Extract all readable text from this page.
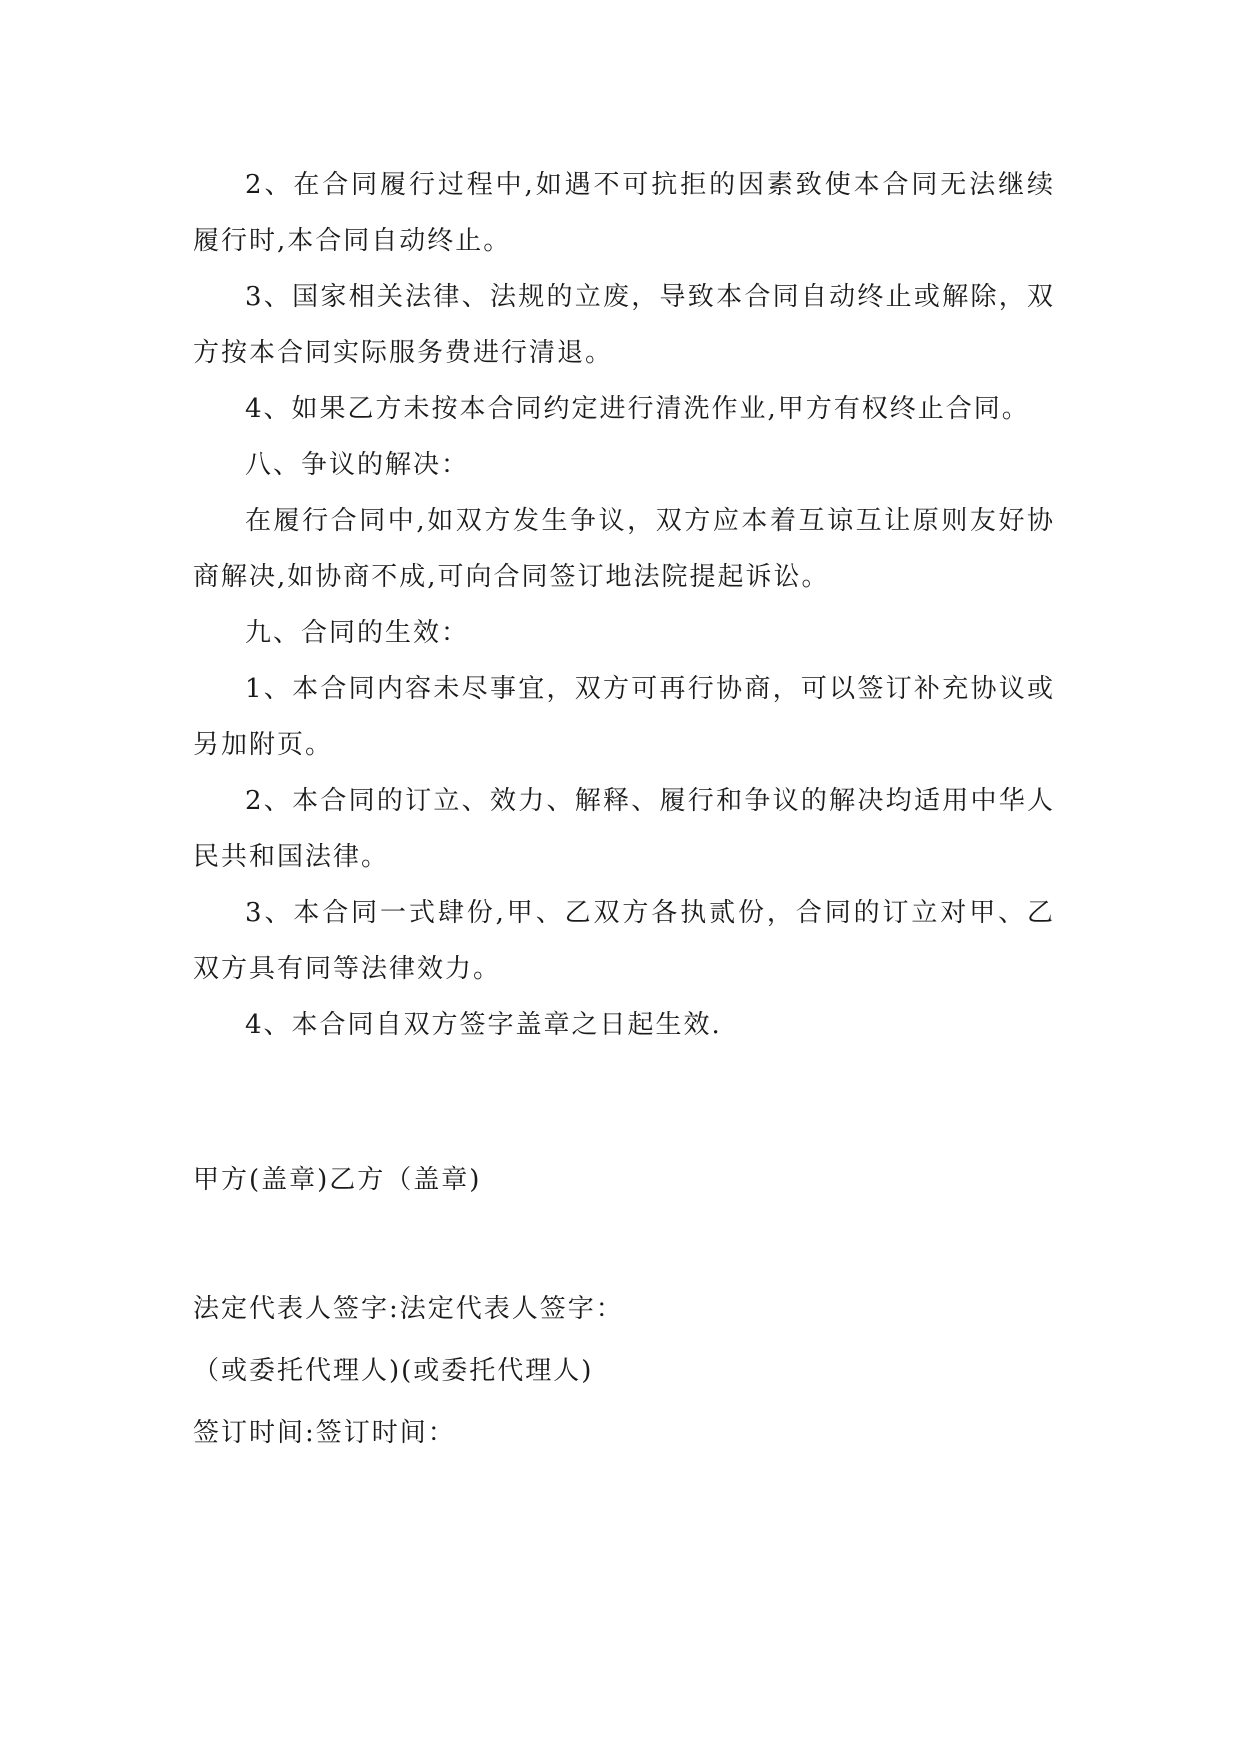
2、在合同履行过程中,如遇不可抗拒的因素致使本合同无法继续履行时,本合同自动终止。

3、国家相关法律、法规的立废，导致本合同自动终止或解除，双方按本合同实际服务费进行清退。

4、如果乙方未按本合同约定进行清洗作业,甲方有权终止合同。

八、争议的解决：

在履行合同中,如双方发生争议，双方应本着互谅互让原则友好协商解决,如协商不成,可向合同签订地法院提起诉讼。

九、合同的生效：

1、本合同内容未尽事宜，双方可再行协商，可以签订补充协议或另加附页。

2、本合同的订立、效力、解释、履行和争议的解决均适用中华人民共和国法律。

3、本合同一式肆份,甲、乙双方各执贰份，合同的订立对甲、乙双方具有同等法律效力。

4、本合同自双方签字盖章之日起生效.

甲方(盖章)乙方（盖章)

法定代表人签字:法定代表人签字：

（或委托代理人)(或委托代理人)

签订时间:签订时间：
